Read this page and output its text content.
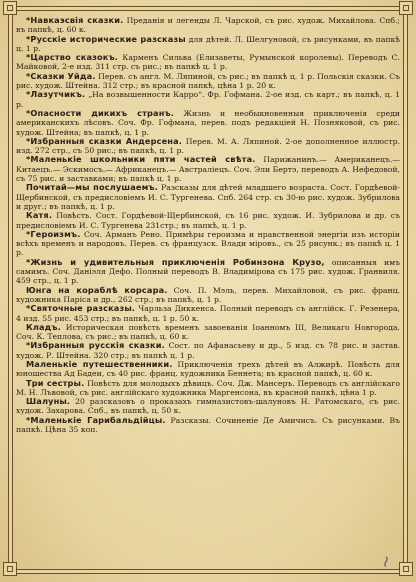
*Навкаэсвія сказки. Преданія и легенды Л. Чарской, съ рис. худож. Михайлова. Спб.; въ папкѣ, ц. 60 к.

*Русскіе исторические разсказы для дѣтей. Л. Шелгуновой, съ рисунками, въ папкѣ ц. 1 р.

*Царство сказокъ. Карменъ Сильва (Елизаветы, Румынской королевы). Переводъ С. Майковой, 2-е изд. 311 стр. съ рис.; въ папкѣ ц. 1 р.

*Сказки Уйда. Перев. съ англ. М. Ляпиной, съ рис.; въ папкѣ ц. 1 р. Польскія сказки. Съ рис. худож. Штейна. 312 стр.; въ красной папкѣ, цѣна 1 р. 20 к.

*Лазутчикъ. „На возвышенности Карро“. Фр. Гофмана. 2-ое изд. съ карт.; въ папкѣ, ц. 1 р.

*Опасности дикихъ странъ. Жизнь и необыкновенныя приключенія среди американскихъ лѣсовъ. Соч. Фр. Гофмана, перев. подъ редакціей Н. Позняковой, съ рис. худож. Штейна; въ папкѣ, ц. 1 р.

*Избранныя сказки Андерсена. Перев. М. А. Ляпиной. 2-ое дополненное иллюстр. изд. 272 стр., съ 50 рис.; въ папкѣ, ц. 1 р.

*Маленькіе школьники пяти частей свѣта. Парижанинъ.— Американецъ.— Китаецъ.— Эскимосъ.— Африканецъ.— Австралiецъ. Соч. Эли Бертэ, переводъ А. Нефедовой, съ 75 рис. и заставками; въ папкѣ ц. 1 р.

Почитай—мы послушаемъ. Разсказы для дѣтей младшего возраста. Сост. Гордѣевой-Щербинской, съ предисловіемъ И. С. Тургенева. Спб. 264 стр. съ 30-ю рис. худож. Зубрилова и друг.; въ папкѣ, ц. 1 р.

Катя. Повѣсть. Сост. Гордѣевой-Щербинской, съ 16 рис. худож. И. Зубрилова и др. съ предисловіемъ И. С. Тургенева 231стр.; въ папкѣ, ц. 1 р.

*Героизмъ. Соч. Арманъ Рено. Примѣры героизма и нравственной энергіи изъ исторіи всѣхъ временъ и народовъ. Перев. съ французск. Влади міровъ., съ 25 рисунк.; въ папкѣ ц. 1 р.

*Жизнь и удивительныя приключенія Робинзона Крузо, описанныя имъ самимъ. Соч. Даніэля Дефо. Полный переводъ В. Владимірова съ 175 рис. худож. Гранвиля. 459 стр., ц. 1 р.

Юнга на кораблѣ корсара. Соч. П. Мэль, перев. Михайловой, съ рис. франц. художника Паріса и др., 262 стр.; въ папкѣ, ц. 1 р.

*Святочные разсказы. Чарльза Диккенса. Полный переводъ съ англійск. Г. Резенера, 4 изд. 55 рис. 453 стр.; въ папкѣ, ц. 1 р. 50 к.

Кладъ. Историческая повѣсть временъ завоеванія Іоанномъ III, Великаго Новгорода. Соч. К. Теплова, съ рис.; въ папкѣ, ц. 60 к.

*Избранныя русскія сказки. Сост. по Афанасьеву и др., 5 изд. съ 78 рис. и застав. худож. Р. Штейна. 320 стр.; въ папкѣ ц. 1 р.

Маленькіе путешественники. Приключенія трехъ дѣтей въ Алжирѣ. Повѣсть для юношества Ад Бадеи, съ 40 рис. франц. художника Беннета; въ красной папкѣ, ц. 60 к.

Три сестры. Повѣсть для молодыхъ дѣвицъ. Соч. Дж. Мансеръ. Переводъ съ англійскаго М. Н. Лъвовой, съ рис. англійскаго художника Маргенсона, въ красной папкѣ, цѣна 1 р.

Шалуны. 20 разсказовъ о проказахъ гимназистовъ-шалуновъ Н. Ратомскаго, съ рис. худож. Захарова. Спб., въ папкѣ, ц. 50 к.

*Маленькіе Гарибальдійцы. Разсказы. Сочиненіе Де Амичисъ. Съ рисунками. Въ папкѣ. Цѣна 35 коп.

~
